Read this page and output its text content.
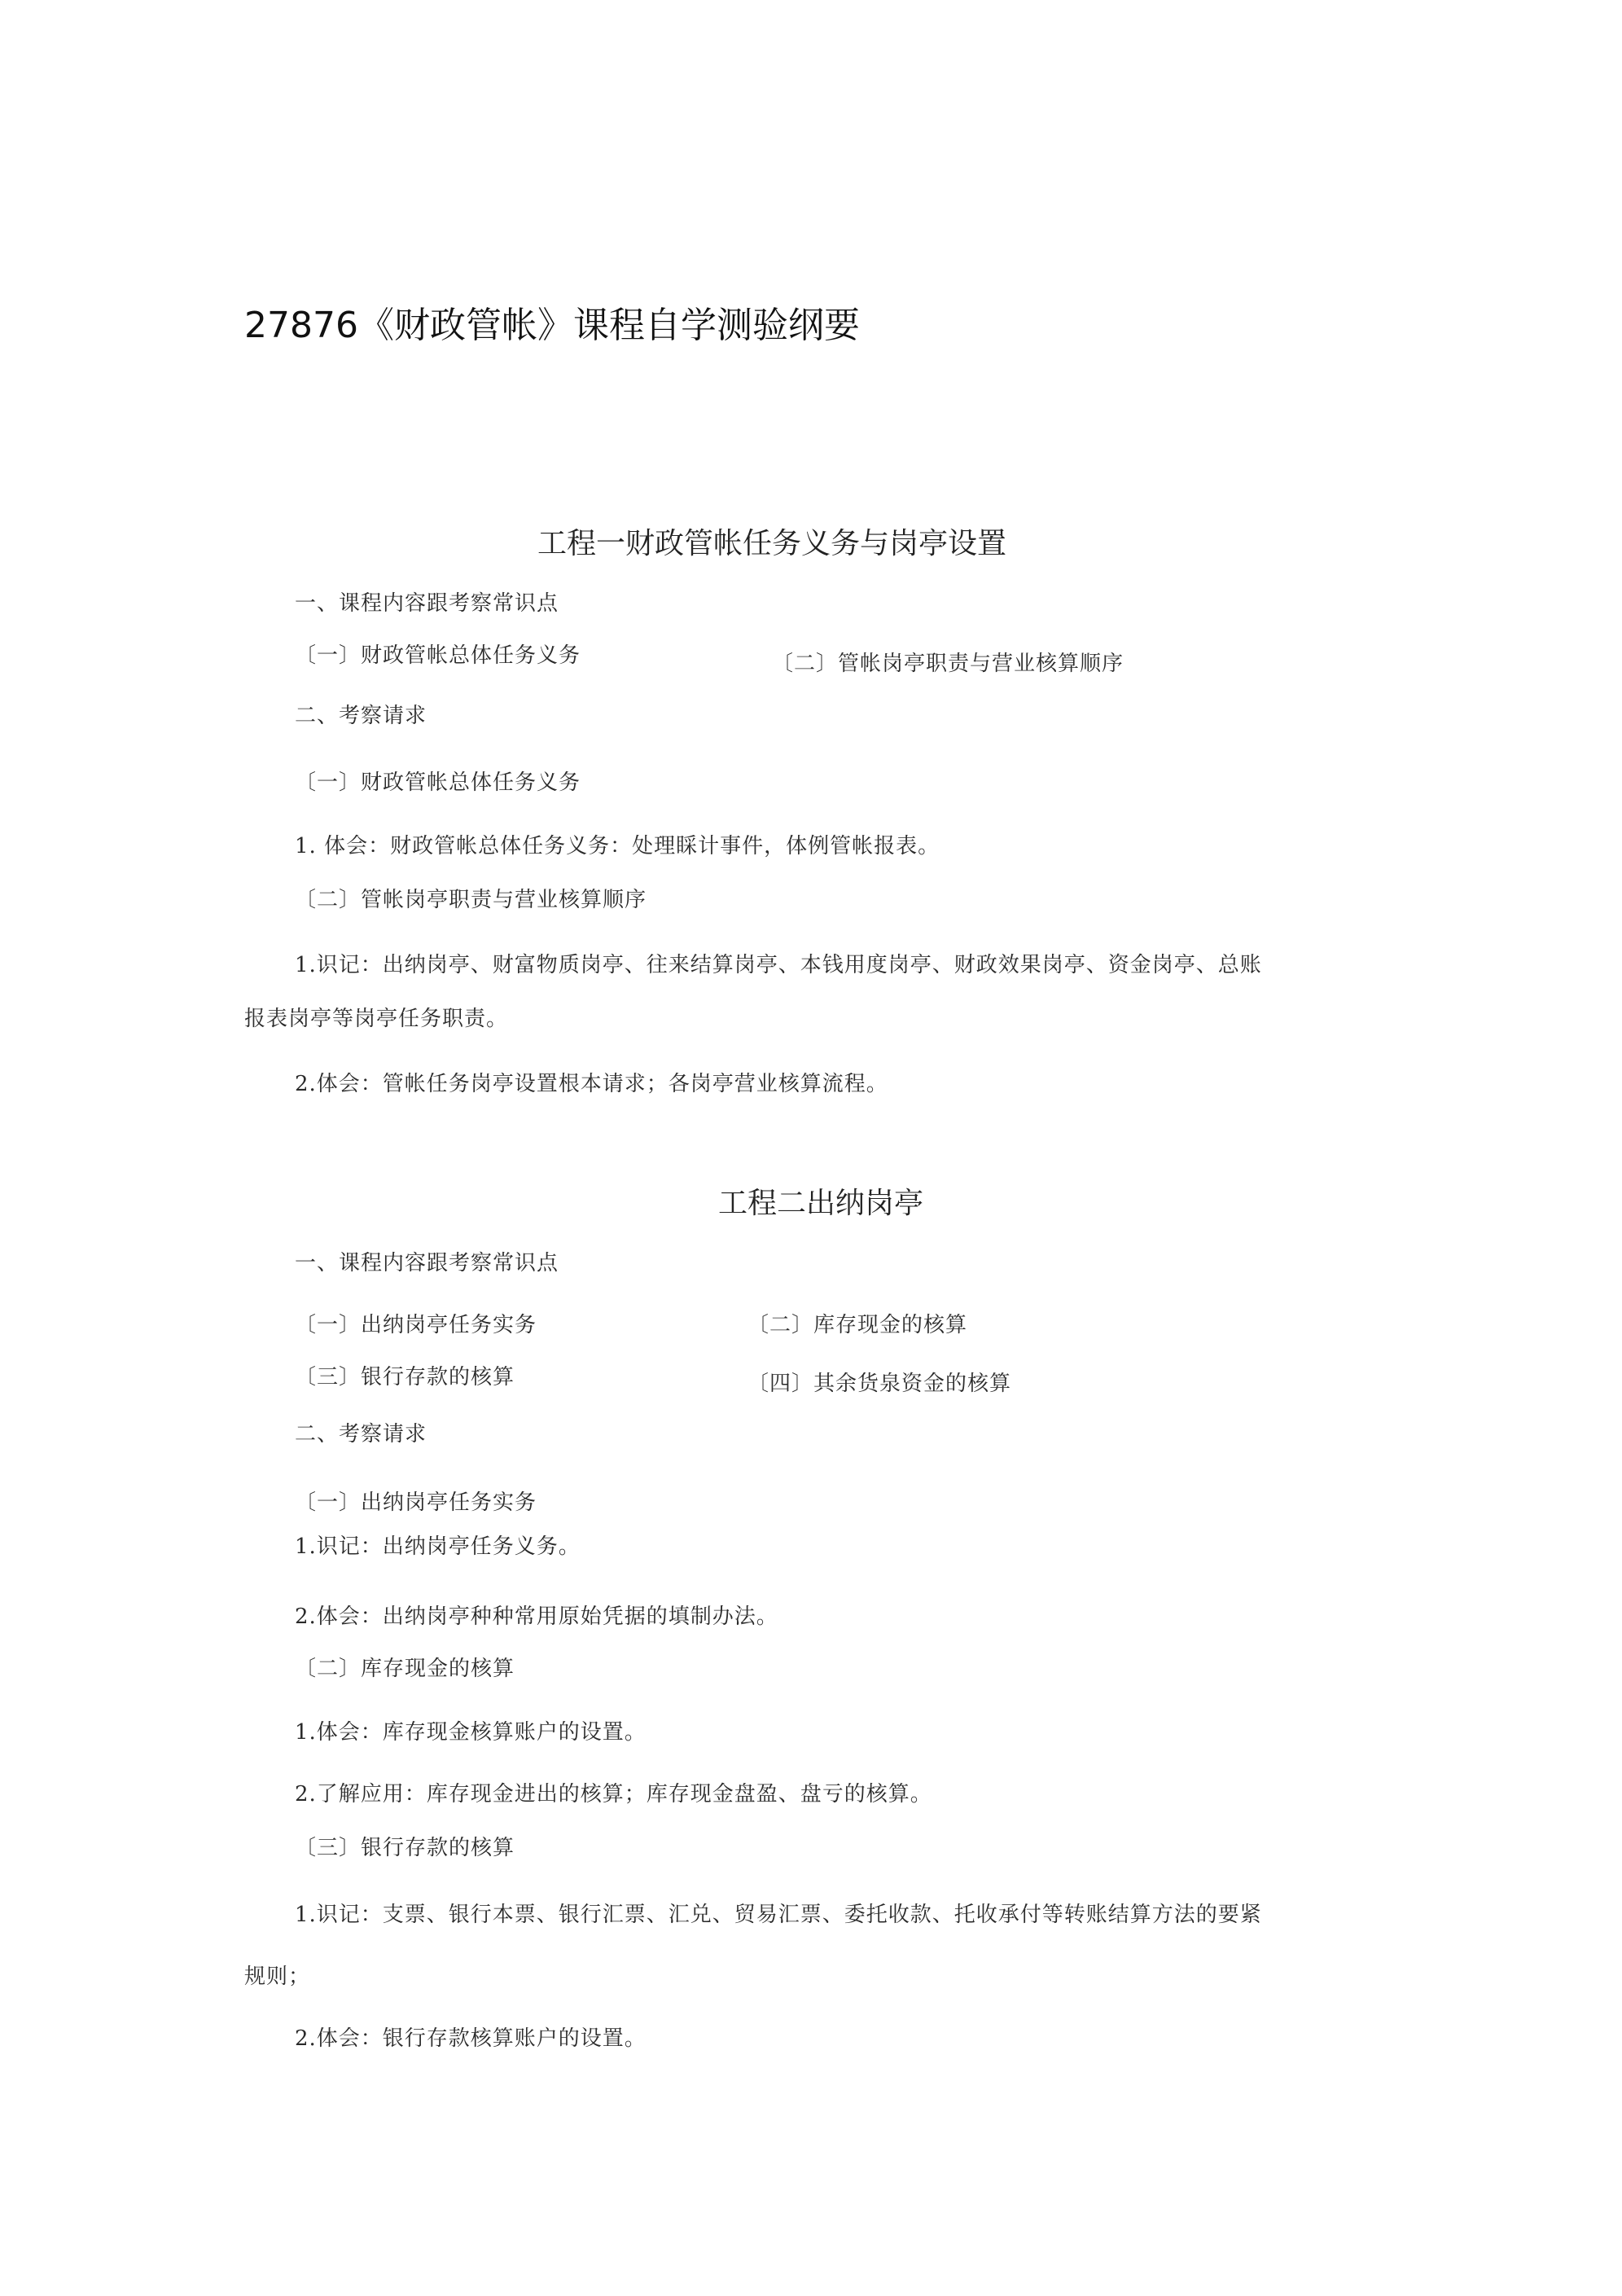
27876《财政管帐》课程自学测验纲要
工程一财政管帐任务义务与岗亭设置
一、课程内容跟考察常识点
〔一〕财政管帐总体任务义务	〔二〕管帐岗亭职责与营业核算顺序
二、考察请求
〔一〕财政管帐总体任务义务
1. 体会：财政管帐总体任务义务：处理睬计事件，体例管帐报表。
〔二〕管帐岗亭职责与营业核算顺序
1.识记：出纳岗亭、财富物质岗亭、往来结算岗亭、本钱用度岗亭、财政效果岗亭、资金岗亭、总账
报表岗亭等岗亭任务职责。
2.体会：管帐任务岗亭设置根本请求；各岗亭营业核算流程。
工程二出纳岗亭
一、课程内容跟考察常识点
〔一〕出纳岗亭任务实务	〔二〕库存现金的核算
〔三〕银行存款的核算	〔四〕其余货泉资金的核算
二、考察请求
〔一〕出纳岗亭任务实务
1.识记：出纳岗亭任务义务。
2.体会：出纳岗亭种种常用原始凭据的填制办法。
〔二〕库存现金的核算
1.体会：库存现金核算账户的设置。
2.了解应用：库存现金进出的核算；库存现金盘盈、盘亏的核算。
〔三〕银行存款的核算
1.识记：支票、银行本票、银行汇票、汇兑、贸易汇票、委托收款、托收承付等转账结算方法的要紧
规则；
2.体会：银行存款核算账户的设置。
